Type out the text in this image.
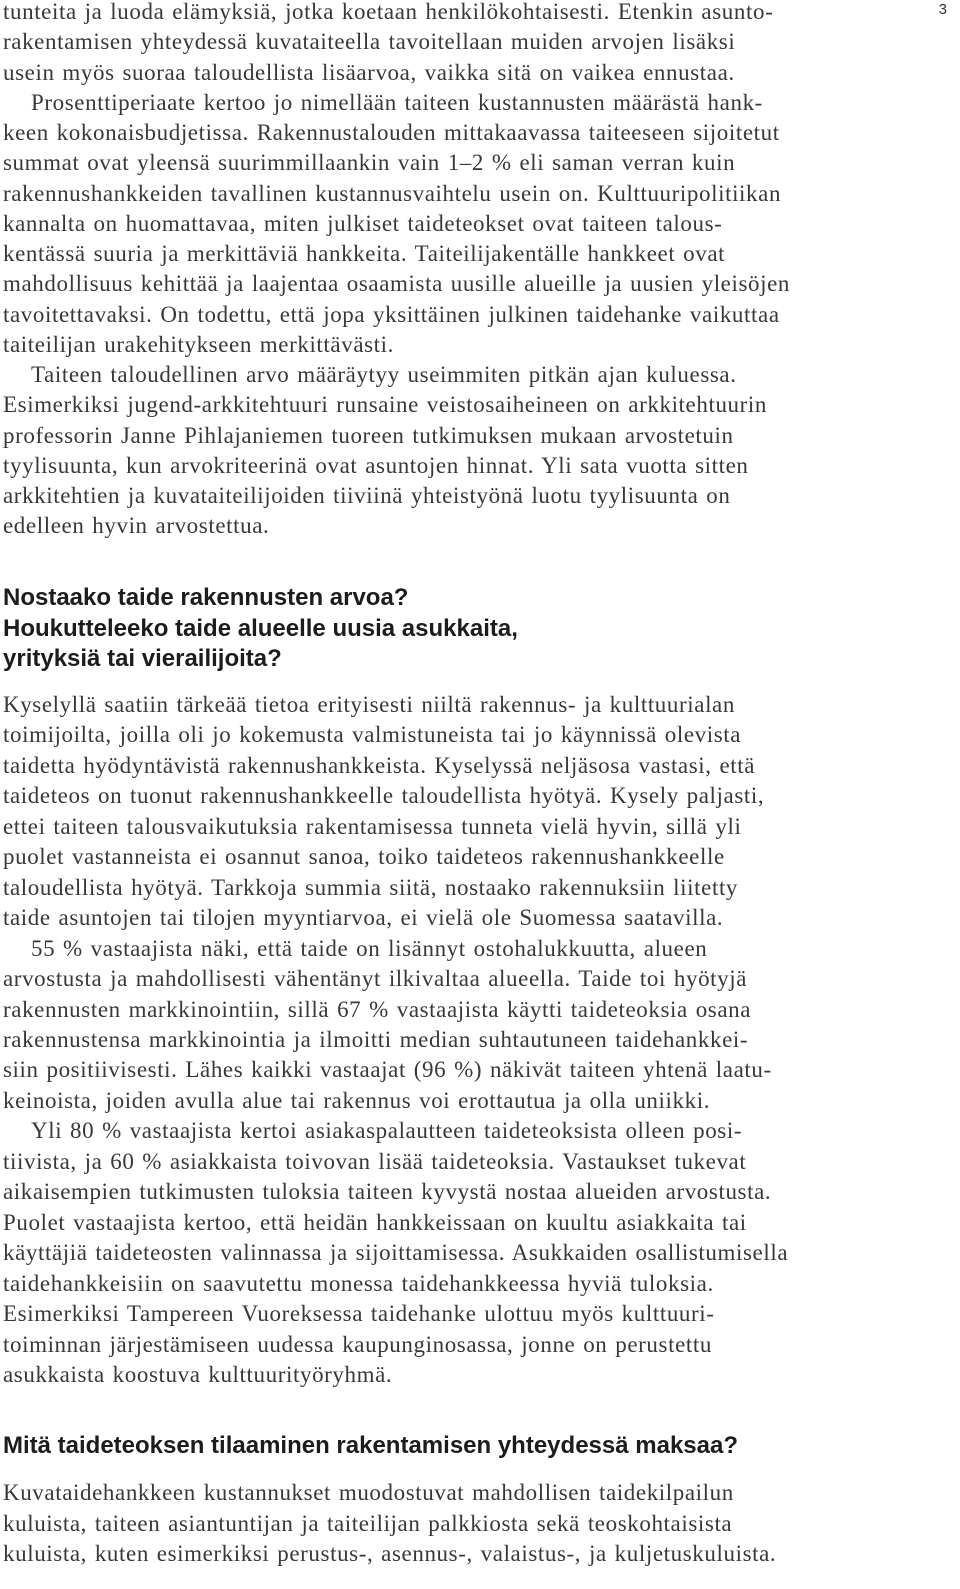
3
tunteita ja luoda elämyksiä, jotka koetaan henkilökohtaisesti. Etenkin asunto-
rakentamisen yhteydessä kuvataiteella tavoitellaan muiden arvojen lisäksi
usein myös suoraa taloudellista lisäarvoa, vaikka sitä on vaikea ennustaa.
Prosenttiperiaate kertoo jo nimellään taiteen kustannusten määrästä hank-
keen kokonaisbudjetissa. Rakennustalouden mittakaavassa taiteeseen sijoitetut
summat ovat yleensä suurimmillaankin vain 1–2 % eli saman verran kuin
rakennushankkeiden tavallinen kustannusvaihtelu usein on. Kulttuuripolitiikan
kannalta on huomattavaa, miten julkiset taideteokset ovat taiteen talous-
kentässä suuria ja merkittäviä hankkeita. Taiteilijakentälle hankkeet ovat
mahdollisuus kehittää ja laajentaa osaamista uusille alueille ja uusien yleisöjen
tavoitettavaksi. On todettu, että jopa yksittäinen julkinen taidehanke vaikuttaa
taiteilijan urakehitykseen merkittävästi.
Taiteen taloudellinen arvo määräytyy useimmiten pitkän ajan kuluessa.
Esimerkiksi jugend-arkkitehtuuri runsaine veistosaiheineen on arkkitehtuurin
professorin Janne Pihlajaniemen tuoreen tutkimuksen mukaan arvostetuin
tyylisuunta, kun arvokriteerinä ovat asuntojen hinnat. Yli sata vuotta sitten
arkkitehtien ja kuvataiteilijoiden tiiviinä yhteistyönä luotu tyylisuunta on
edelleen hyvin arvostettua.
Nostaako taide rakennusten arvoa?
Houkutteleeko taide alueelle uusia asukkaita,
yrityksiä tai vierailijoita?
Kyselyllä saatiin tärkeää tietoa erityisesti niiltä rakennus- ja kulttuurialan
toimijoilta, joilla oli jo kokemusta valmistuneista tai jo käynnissä olevista
taidetta hyödyntävistä rakennushankkeista. Kyselyssä neljäsosa vastasi, että
taideteos on tuonut rakennushankkeelle taloudellista hyötyä. Kysely paljasti,
ettei taiteen talousvaikutuksia rakentamisessa tunneta vielä hyvin, sillä yli
puolet vastanneista ei osannut sanoa, toiko taideteos rakennushankkeelle
taloudellista hyötyä. Tarkkoja summia siitä, nostaako rakennuksiin liitetty
taide asuntojen tai tilojen myyntiarvoa, ei vielä ole Suomessa saatavilla.
55 % vastaajista näki, että taide on lisännyt ostohalukkuutta, alueen
arvostusta ja mahdollisesti vähentänyt ilkivaltaa alueella. Taide toi hyötyjä
rakennusten markkinointiin, sillä 67 % vastaajista käytti taideteoksia osana
rakennustensa markkinointia ja ilmoitti median suhtautuneen taidehankkei-
siin positiivisesti. Lähes kaikki vastaajat (96 %) näkivät taiteen yhtenä laatu-
keinoista, joiden avulla alue tai rakennus voi erottautua ja olla uniikki.
Yli 80 % vastaajista kertoi asiakaspalautteen taideteoksista olleen posi-
tiivista, ja 60 % asiakkaista toivovan lisää taideteoksia. Vastaukset tukevat
aikaisempien tutkimusten tuloksia taiteen kyvystä nostaa alueiden arvostusta.
Puolet vastaajista kertoo, että heidän hankkeissaan on kuultu asiakkaita tai
käyttäjiä taideteosten valinnassa ja sijoittamisessa. Asukkaiden osallistumisella
taidehankkeisiin on saavutettu monessa taidehankkeessa hyviä tuloksia.
Esimerkiksi Tampereen Vuoreksessa taidehanke ulottuu myös kulttuuri-
toiminnan järjestämiseen uudessa kaupunginosassa, jonne on perustettu
asukkaista koostuva kulttuurityöryhmä.
Mitä taideteoksen tilaaminen rakentamisen yhteydessä maksaa?
Kuvataidehankkeen kustannukset muodostuvat mahdollisen taidekilpailun
kuluista, taiteen asiantuntijan ja taiteilijan palkkiosta sekä teoskohtaisista
kuluista, kuten esimerkiksi perustus-, asennus-, valaistus-, ja kuljetuskuluista.
